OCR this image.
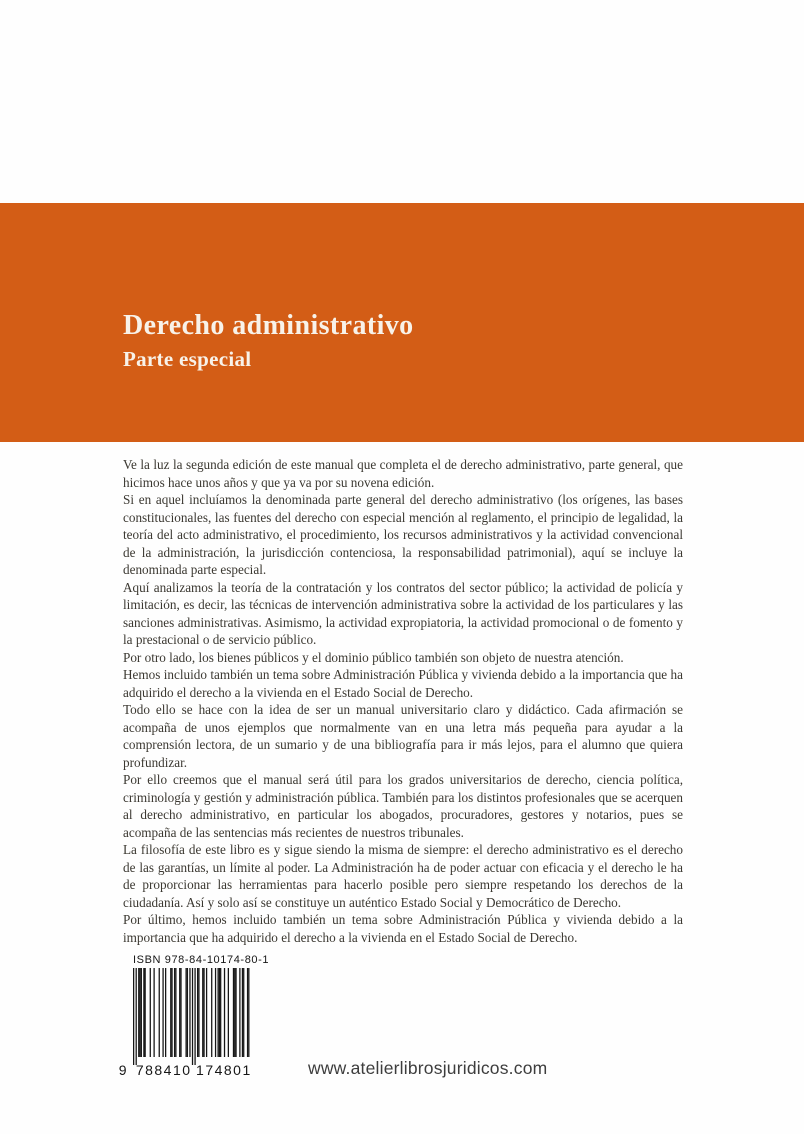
Derecho administrativo
Parte especial

Ve la luz la segunda edición de este manual que completa el de derecho administrativo, parte general, que hicimos hace unos años y que ya va por su novena edición.

Si en aquel incluíamos la denominada parte general del derecho administrativo (los orígenes, las bases constitucionales, las fuentes del derecho con especial mención al reglamento, el principio de legalidad, la teoría del acto administrativo, el procedimiento, los recursos administrativos y la actividad convencional de la administración, la jurisdicción contenciosa, la responsabilidad patrimonial), aquí se incluye la denominada parte especial.

Aquí analizamos la teoría de la contratación y los contratos del sector público; la actividad de policía y limitación, es decir, las técnicas de intervención administrativa sobre la actividad de los particulares y las sanciones administrativas. Asimismo, la actividad expropiatoria, la actividad promocional o de fomento y la prestacional o de servicio público.

Por otro lado, los bienes públicos y el dominio público también son objeto de nuestra atención.

Hemos incluido también un tema sobre Administración Pública y vivienda debido a la importancia que ha adquirido el derecho a la vivienda en el Estado Social de Derecho.

Todo ello se hace con la idea de ser un manual universitario claro y didáctico. Cada afirmación se acompaña de unos ejemplos que normalmente van en una letra más pequeña para ayudar a la comprensión lectora, de un sumario y de una bibliografía para ir más lejos, para el alumno que quiera profundizar.

Por ello creemos que el manual será útil para los grados universitarios de derecho, ciencia política, criminología y gestión y administración pública. También para los distintos profesionales que se acerquen al derecho administrativo, en particular los abogados, procuradores, gestores y notarios, pues se acompaña de las sentencias más recientes de nuestros tribunales.

La filosofía de este libro es y sigue siendo la misma de siempre: el derecho administrativo es el derecho de las garantías, un límite al poder. La Administración ha de poder actuar con eficacia y el derecho le ha de proporcionar las herramientas para hacerlo posible pero siempre respetando los derechos de la ciudadanía. Así y solo así se constituye un auténtico Estado Social y Democrático de Derecho.

Por último, hemos incluido también un tema sobre Administración Pública y vivienda debido a la importancia que ha adquirido el derecho a la vivienda en el Estado Social de Derecho.

ISBN 978-84-10174-80-1
9 788410 174801	www.atelierlibrosjuridicos.com
